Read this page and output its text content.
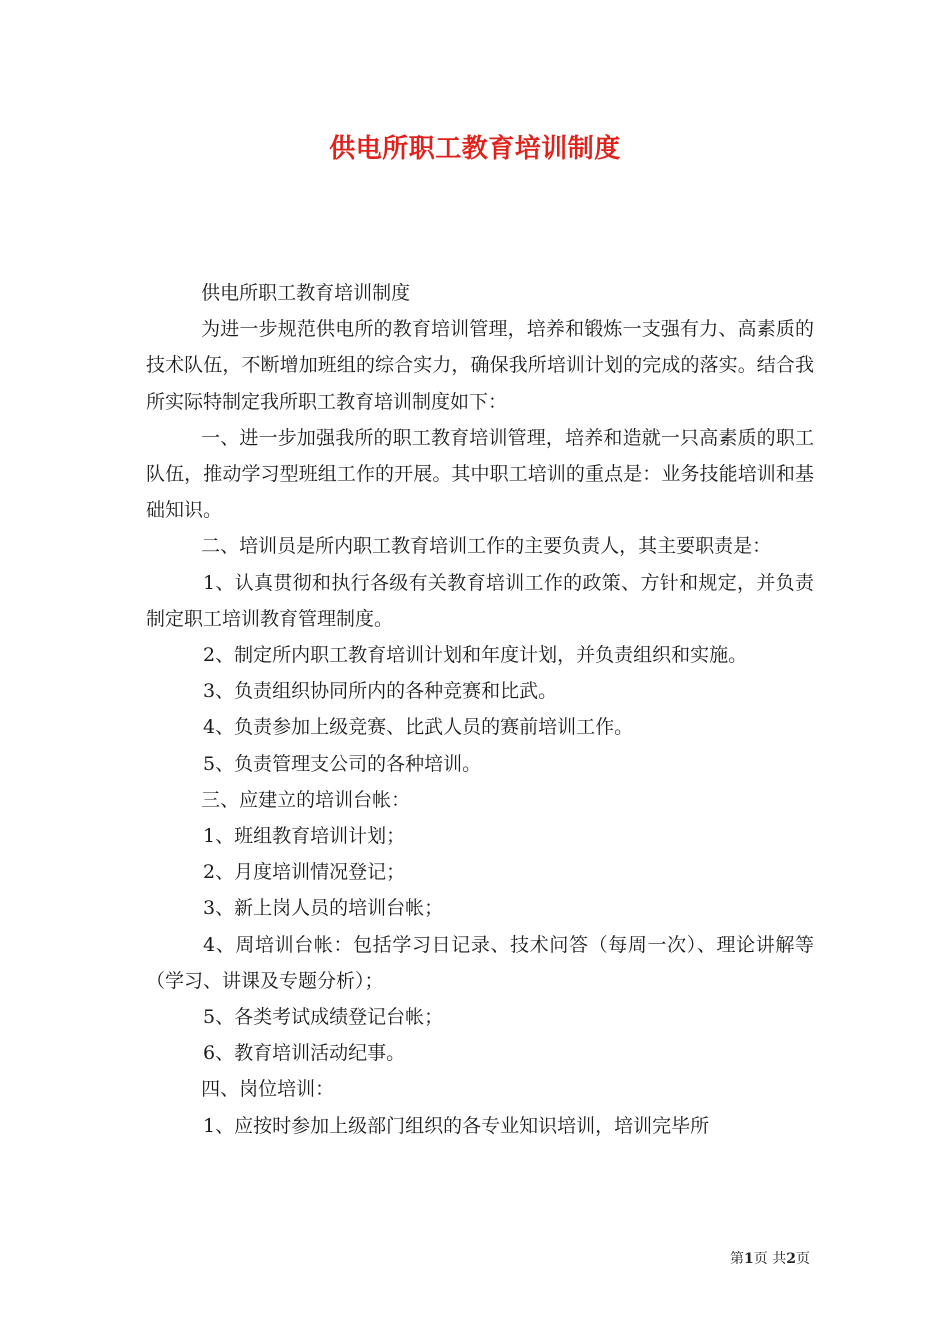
供电所职工教育培训制度

供电所职工教育培训制度

为进一步规范供电所的教育培训管理，培养和锻炼一支强有力、高素质的技术队伍，不断增加班组的综合实力，确保我所培训计划的完成的落实。结合我所实际特制定我所职工教育培训制度如下：

一、进一步加强我所的职工教育培训管理，培养和造就一只高素质的职工队伍，推动学习型班组工作的开展。其中职工培训的重点是：业务技能培训和基础知识。

二、培训员是所内职工教育培训工作的主要负责人，其主要职责是：

1、认真贯彻和执行各级有关教育培训工作的政策、方针和规定，并负责制定职工培训教育管理制度。

2、制定所内职工教育培训计划和年度计划，并负责组织和实施。

3、负责组织协同所内的各种竞赛和比武。

4、负责参加上级竞赛、比武人员的赛前培训工作。

5、负责管理支公司的各种培训。

三、应建立的培训台帐：

1、班组教育培训计划；

2、月度培训情况登记；

3、新上岗人员的培训台帐；

4、周培训台帐：包括学习日记录、技术问答（每周一次）、理论讲解等（学习、讲课及专题分析）；

5、各类考试成绩登记台帐；

6、教育培训活动纪事。

四、岗位培训：

1、应按时参加上级部门组织的各专业知识培训，培训完毕所

第1页 共2页
